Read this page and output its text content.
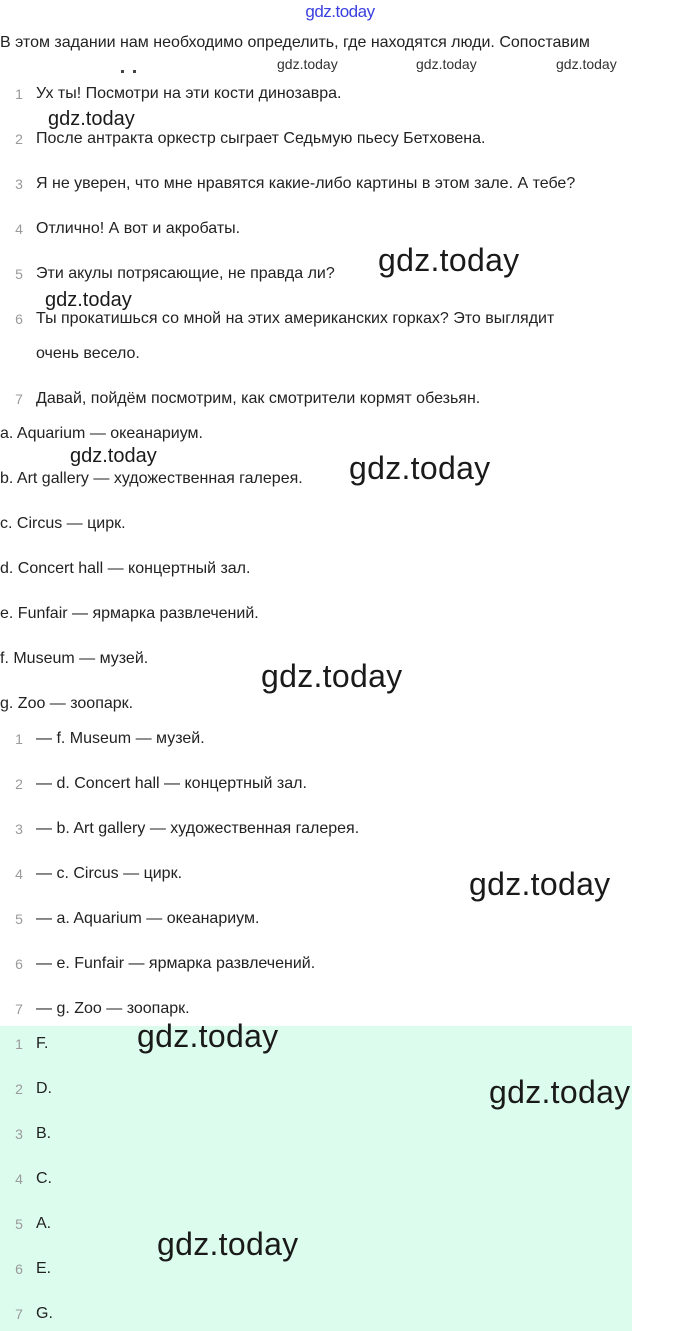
gdz.today
В этом задании нам необходимо определить, где находятся люди. Сопоставим
1 Ух ты! Посмотри на эти кости динозавра.
2 После антракта оркестр сыграет Седьмую пьесу Бетховена.
3 Я не уверен, что мне нравятся какие-либо картины в этом зале. А тебе?
4 Отлично! А вот и акробаты.
5 Эти акулы потрясающие, не правда ли?
6 Ты прокатишься со мной на этих американских горках? Это выглядит
очень весело.
7 Давай, пойдём посмотрим, как смотрители кормят обезьян.
a. Aquarium — океанариум.
b. Art gallery — художественная галерея.
c. Circus — цирк.
d. Concert hall — концертный зал.
e. Funfair — ярмарка развлечений.
f. Museum — музей.
g. Zoo — зоопарк.
1 — f. Museum — музей.
2 — d. Concert hall — концертный зал.
3 — b. Art gallery — художественная галерея.
4 — c. Circus — цирк.
5 — a. Aquarium — океанариум.
6 — e. Funfair — ярмарка развлечений.
7 — g. Zoo — зоопарк.
1 F.
2 D.
3 B.
4 C.
5 A.
6 E.
7 G.
gdz.today	gdz.today	gdz.today
gdz.today
gdz.today
gdz.today
gdz.today	gdz.today
gdz.today
gdz.today
gdz.today
gdz.today
gdz.today
